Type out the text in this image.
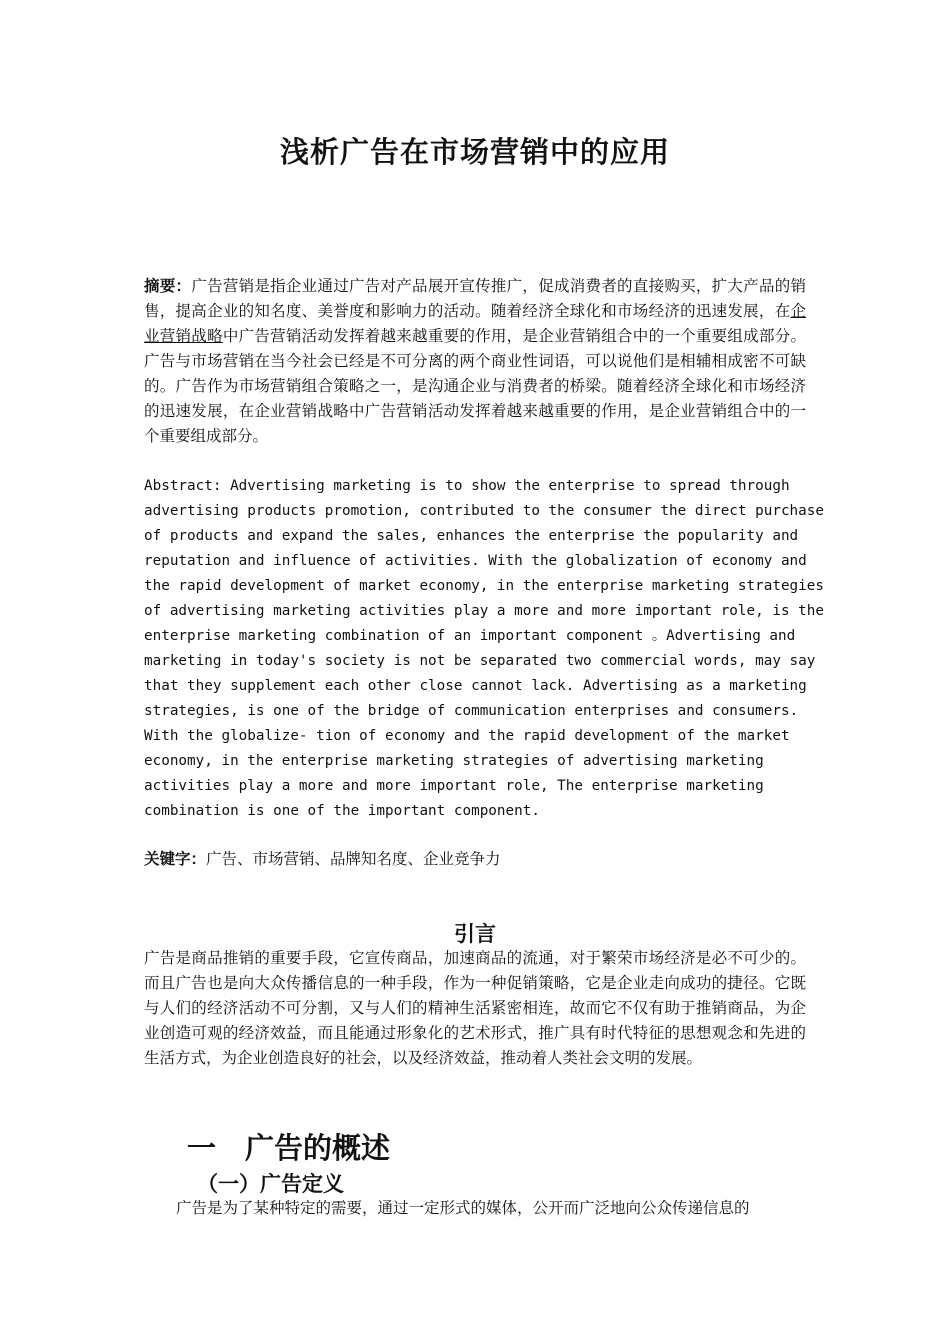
浅析广告在市场营销中的应用

摘要：广告营销是指企业通过广告对产品展开宣传推广，促成消费者的直接购买，扩大产品的销售，提高企业的知名度、美誉度和影响力的活动。随着经济全球化和市场经济的迅速发展，在企业营销战略中广告营销活动发挥着越来越重要的作用，是企业营销组合中的一个重要组成部分。广告与市场营销在当今社会已经是不可分离的两个商业性词语，可以说他们是相辅相成密不可缺的。广告作为市场营销组合策略之一，是沟通企业与消费者的桥梁。随着经济全球化和市场经济的迅速发展，在企业营销战略中广告营销活动发挥着越来越重要的作用，是企业营销组合中的一个重要组成部分。

Abstract: Advertising marketing is to show the enterprise to spread through
advertising products promotion, contributed to the consumer the direct purchase
of products and expand the sales, enhances the enterprise the popularity and
reputation and influence of activities. With the globalization of economy and
the rapid development of market economy, in the enterprise marketing strategies
of advertising marketing activities play a more and more important role, is the
enterprise marketing combination of an important component 。Advertising and
marketing in today's society is not be separated two commercial words, may say
that they supplement each other close cannot lack. Advertising as a marketing
strategies, is one of the bridge of communication enterprises and consumers.
With the globalize- tion of economy and the rapid development of the market
economy, in the enterprise marketing strategies of advertising marketing
activities play a more and more important role, The enterprise marketing
combination is one of the important component.

关键字：广告、市场营销、品牌知名度、企业竞争力

引言

广告是商品推销的重要手段，它宣传商品，加速商品的流通，对于繁荣市场经济是必不可少的。而且广告也是向大众传播信息的一种手段，作为一种促销策略，它是企业走向成功的捷径。它既与人们的经济活动不可分割，又与人们的精神生活紧密相连，故而它不仅有助于推销商品，为企业创造可观的经济效益，而且能通过形象化的艺术形式，推广具有时代特征的思想观念和先进的生活方式，为企业创造良好的社会，以及经济效益，推动着人类社会文明的发展。

一 广告的概述
（一）广告定义

广告是为了某种特定的需要，通过一定形式的媒体，公开而广泛地向公众传递信息的
